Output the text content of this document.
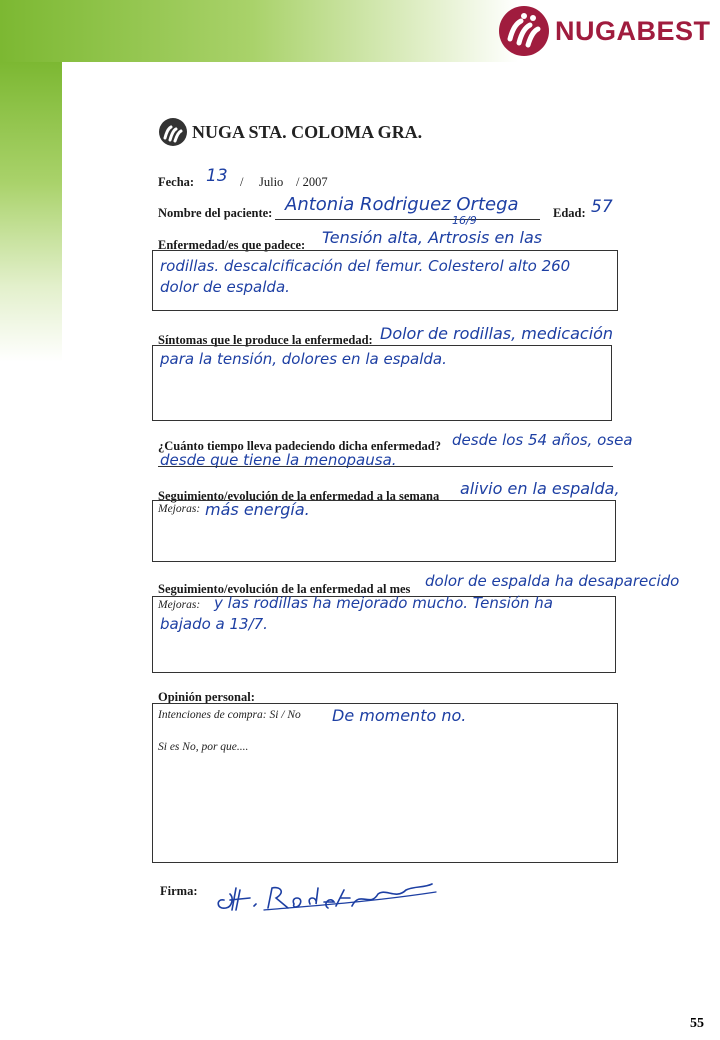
NUGABEST
NUGA STA. COLOMA GRA.
Fecha: 13 / Julio / 2007
Nombre del paciente: Antonia Rodriguez Ortega	Edad: 57
Enfermedad/es que padece: Tensión alta, Artrosis en las
16/9
rodillas. descalcificación del femur. Colesterol alto 260
dolor de espalda.
Síntomas que le produce la enfermedad: Dolor de rodillas, medicación
para la tensión, dolores en la espalda.
¿Cuánto tiempo lleva padeciendo dicha enfermedad? desde los 54 años, osea
desde que tiene la menopausa.
Seguimiento/evolución de la enfermedad a la semana alivio en la espalda,
Mejoras: más energía.
Seguimiento/evolución de la enfermedad al mes dolor de espalda ha desaparecido
Mejoras: y las rodillas ha mejorado mucho. Tensión ha
bajado a 13/7.
Opinión personal:
Intenciones de compra: Si / No De momento no.
Si es No, por que....
Firma:
55
